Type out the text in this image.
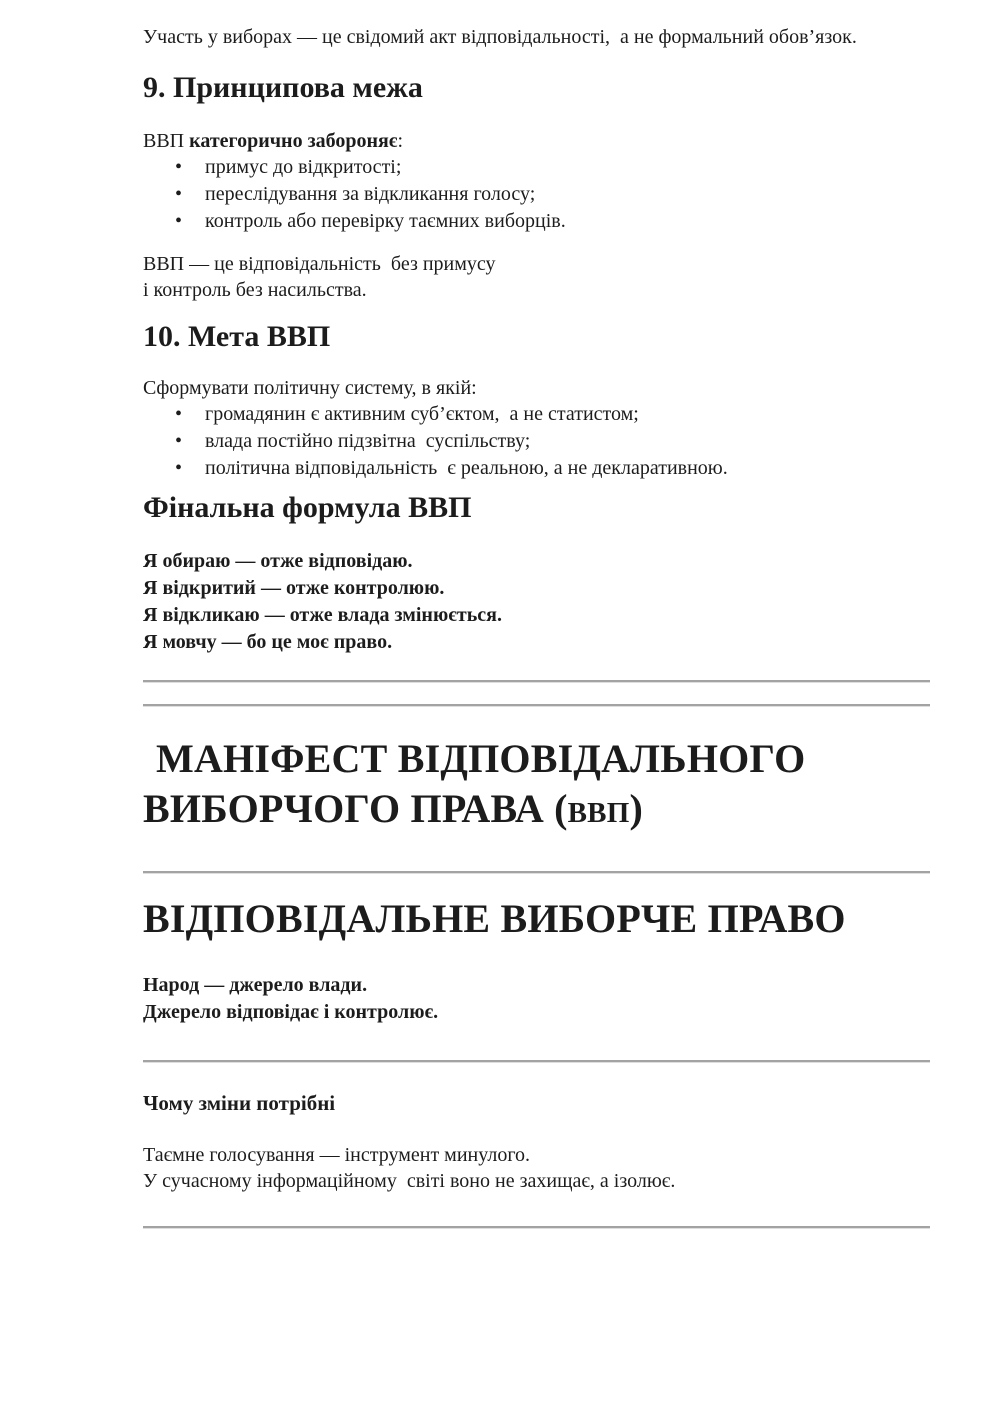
Участь у виборах — це свідомий акт відповідальності,  а не формальний обов’язок.

9. Принципова межа

ВВП категорично забороняє:

• примус до відкритості;
• переслідування за відкликання голосу;
• контроль або перевірку таємних виборців.

ВВП — це відповідальність  без примусу
і контроль без насильства.

10. Мета ВВП

Сформувати політичну систему, в якій:

• громадянин є активним суб’єктом,  а не статистом;
• влада постійно підзвітна  суспільству;
• політична відповідальність  є реальною, а не декларативною.
Фінальна формула ВВП

Я обираю — отже відповідаю.
Я відкритий — отже контролюю.
Я відкликаю — отже влада змінюється.
Я мовчу — бо це моє право.

МАНІФЕСТ ВІДПОВІДАЛЬНОГО
ВИБОРЧОГО ПРАВА (ВВП)
ВІДПОВІДАЛЬНЕ ВИБОРЧЕ ПРАВО

Народ — джерело влади.
Джерело відповідає і контролює.

Чому зміни потрібні

Таємне голосування — інструмент минулого.
У сучасному інформаційному  світі воно не захищає, а ізолює.
